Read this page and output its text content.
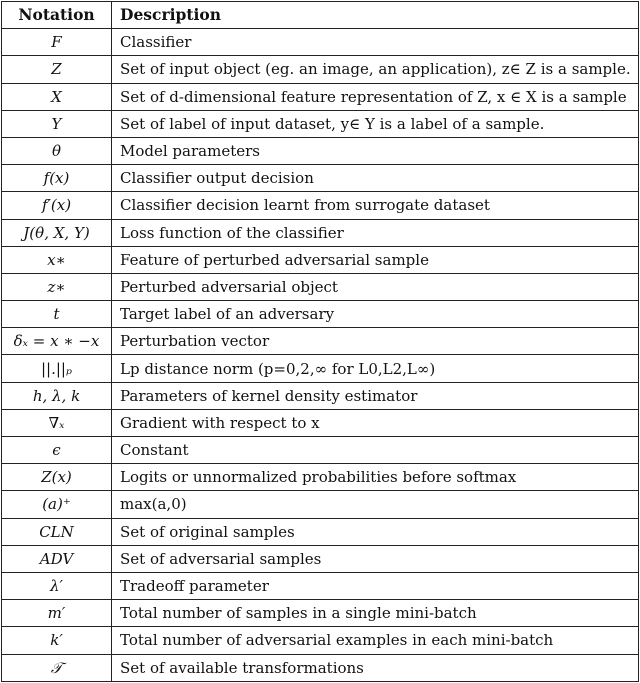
Notation	Description
F	Classifier
Z	Set of input object (eg. an image, an application), z∈ Z is a sample.
X	Set of d-dimensional feature representation of Z, x ∈ X is a sample
Y	Set of label of input dataset, y∈ Y is a label of a sample.
θ	Model parameters
f(x)	Classifier output decision
f′(x)	Classifier decision learnt from surrogate dataset
J(θ, X, Y)	Loss function of the classifier
x∗	Feature of perturbed adversarial sample
z∗	Perturbed adversarial object
t	Target label of an adversary
δₓ = x ∗ −x	Perturbation vector
||.||ₚ	Lp distance norm (p=0,2,∞ for L0,L2,L∞)
h, λ, k	Parameters of kernel density estimator
∇ₓ	Gradient with respect to x
ϵ	Constant
Z(x)	Logits or unnormalized probabilities before softmax
(a)⁺	max(a,0)
CLN	Set of original samples
ADV	Set of adversarial samples
λ′	Tradeoff parameter
m′	Total number of samples in a single mini-batch
k′	Total number of adversarial examples in each mini-batch
𝒯	Set of available transformations
